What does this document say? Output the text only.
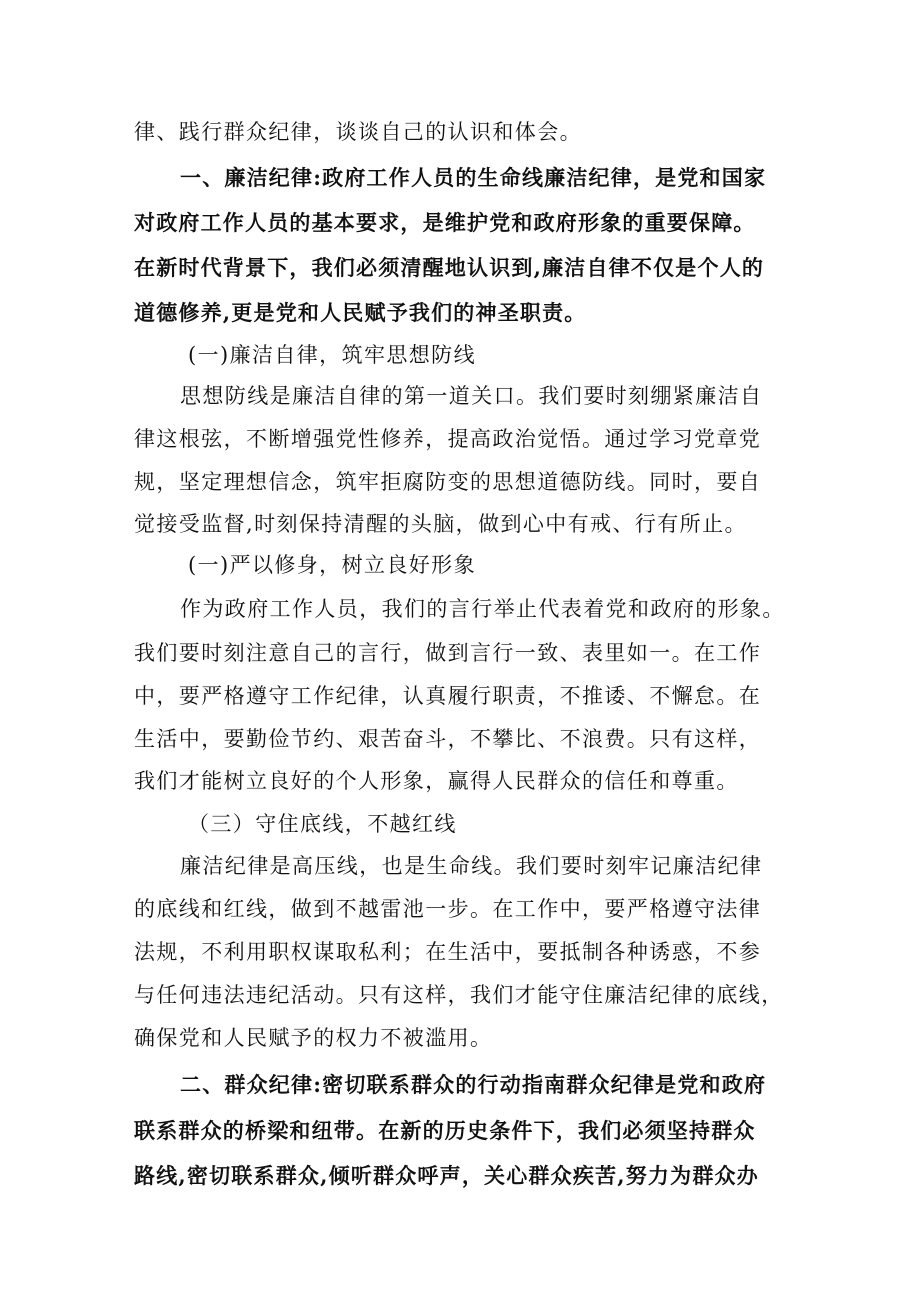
律、践行群众纪律，谈谈自己的认识和体会。
一、廉洁纪律:政府工作人员的生命线廉洁纪律，是党和国家
对政府工作人员的基本要求，是维护党和政府形象的重要保障。
在新时代背景下，我们必须清醒地认识到,廉洁自律不仅是个人的
道德修养,更是党和人民赋予我们的神圣职责。
(一)廉洁自律，筑牢思想防线
思想防线是廉洁自律的第一道关口。我们要时刻绷紧廉洁自
律这根弦，不断增强党性修养，提高政治觉悟。通过学习党章党
规，坚定理想信念，筑牢拒腐防变的思想道德防线。同时，要自
觉接受监督,时刻保持清醒的头脑，做到心中有戒、行有所止。
(一)严以修身，树立良好形象
作为政府工作人员，我们的言行举止代表着党和政府的形象。
我们要时刻注意自己的言行，做到言行一致、表里如一。在工作
中，要严格遵守工作纪律，认真履行职责，不推诿、不懈怠。在
生活中，要勤俭节约、艰苦奋斗，不攀比、不浪费。只有这样，
我们才能树立良好的个人形象，赢得人民群众的信任和尊重。
（三）守住底线，不越红线
廉洁纪律是高压线，也是生命线。我们要时刻牢记廉洁纪律
的底线和红线，做到不越雷池一步。在工作中，要严格遵守法律
法规，不利用职权谋取私利；在生活中，要抵制各种诱惑，不参
与任何违法违纪活动。只有这样，我们才能守住廉洁纪律的底线，
确保党和人民赋予的权力不被滥用。
二、群众纪律:密切联系群众的行动指南群众纪律是党和政府
联系群众的桥梁和纽带。在新的历史条件下，我们必须坚持群众
路线,密切联系群众,倾听群众呼声，关心群众疾苦,努力为群众办
